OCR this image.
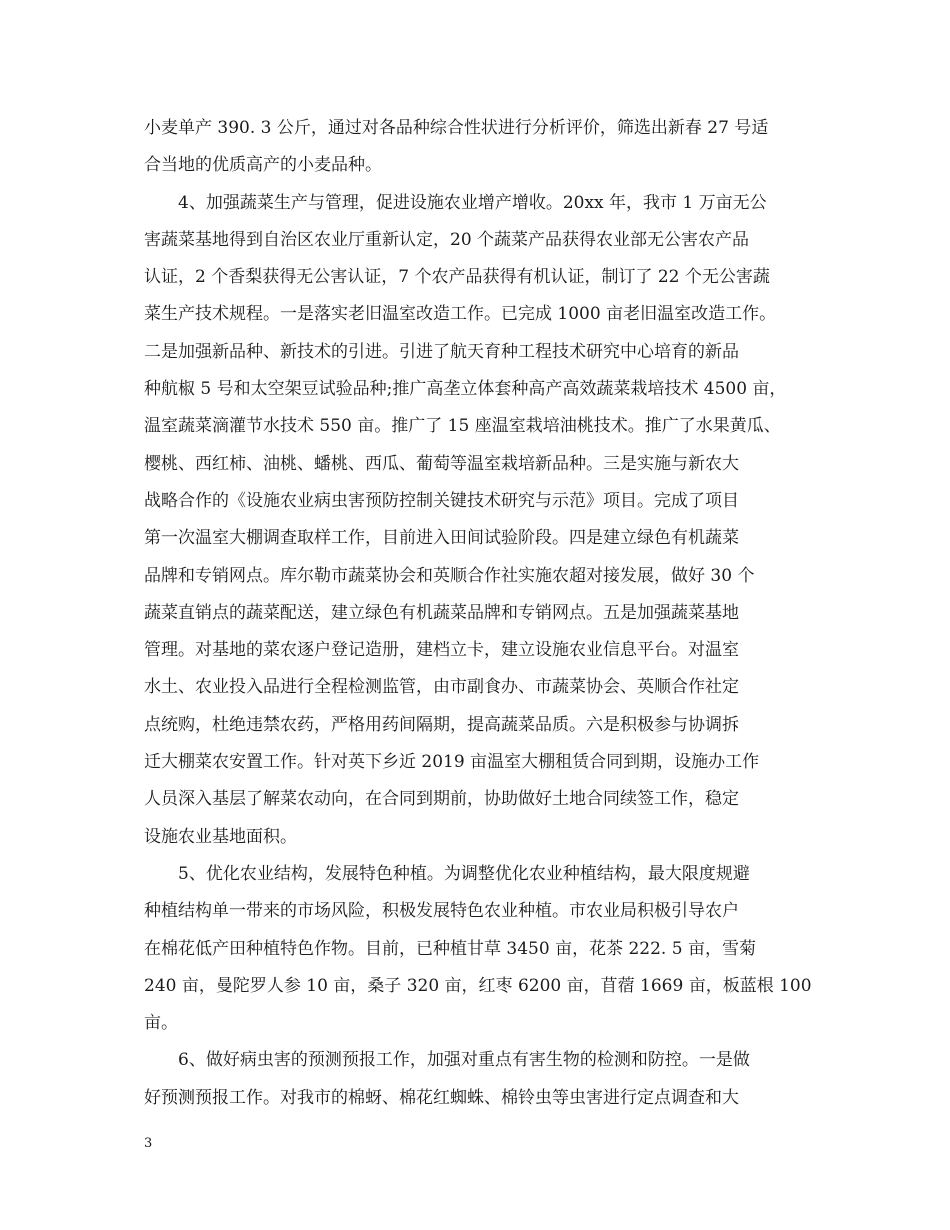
小麦单产 390. 3 公斤，通过对各品种综合性状进行分析评价，筛选出新春 27 号适
合当地的优质高产的小麦品种。
4、加强蔬菜生产与管理，促进设施农业增产增收。20xx 年，我市 1 万亩无公
害蔬菜基地得到自治区农业厅重新认定，20 个蔬菜产品获得农业部无公害农产品
认证，2 个香梨获得无公害认证，7 个农产品获得有机认证，制订了 22 个无公害蔬
菜生产技术规程。一是落实老旧温室改造工作。已完成 1000 亩老旧温室改造工作。
二是加强新品种、新技术的引进。引进了航天育种工程技术研究中心培育的新品
种航椒 5 号和太空架豆试验品种;推广高垄立体套种高产高效蔬菜栽培技术 4500 亩，
温室蔬菜滴灌节水技术 550 亩。推广了 15 座温室栽培油桃技术。推广了水果黄瓜、
樱桃、西红柿、油桃、蟠桃、西瓜、葡萄等温室栽培新品种。三是实施与新农大
战略合作的《设施农业病虫害预防控制关键技术研究与示范》项目。完成了项目
第一次温室大棚调查取样工作，目前进入田间试验阶段。四是建立绿色有机蔬菜
品牌和专销网点。库尔勒市蔬菜协会和英顺合作社实施农超对接发展，做好 30 个
蔬菜直销点的蔬菜配送，建立绿色有机蔬菜品牌和专销网点。五是加强蔬菜基地
管理。对基地的菜农逐户登记造册，建档立卡，建立设施农业信息平台。对温室
水土、农业投入品进行全程检测监管，由市副食办、市蔬菜协会、英顺合作社定
点统购，杜绝违禁农药，严格用药间隔期，提高蔬菜品质。六是积极参与协调拆
迁大棚菜农安置工作。针对英下乡近 2019 亩温室大棚租赁合同到期，设施办工作
人员深入基层了解菜农动向，在合同到期前，协助做好土地合同续签工作，稳定
设施农业基地面积。
5、优化农业结构，发展特色种植。为调整优化农业种植结构，最大限度规避
种植结构单一带来的市场风险，积极发展特色农业种植。市农业局积极引导农户
在棉花低产田种植特色作物。目前，已种植甘草 3450 亩，花茶 222. 5 亩，雪菊
240 亩，曼陀罗人参 10 亩，桑子 320 亩，红枣 6200 亩，苜蓿 1669 亩，板蓝根 100
亩。
6、做好病虫害的预测预报工作，加强对重点有害生物的检测和防控。一是做
好预测预报工作。对我市的棉蚜、棉花红蜘蛛、棉铃虫等虫害进行定点调查和大
3
